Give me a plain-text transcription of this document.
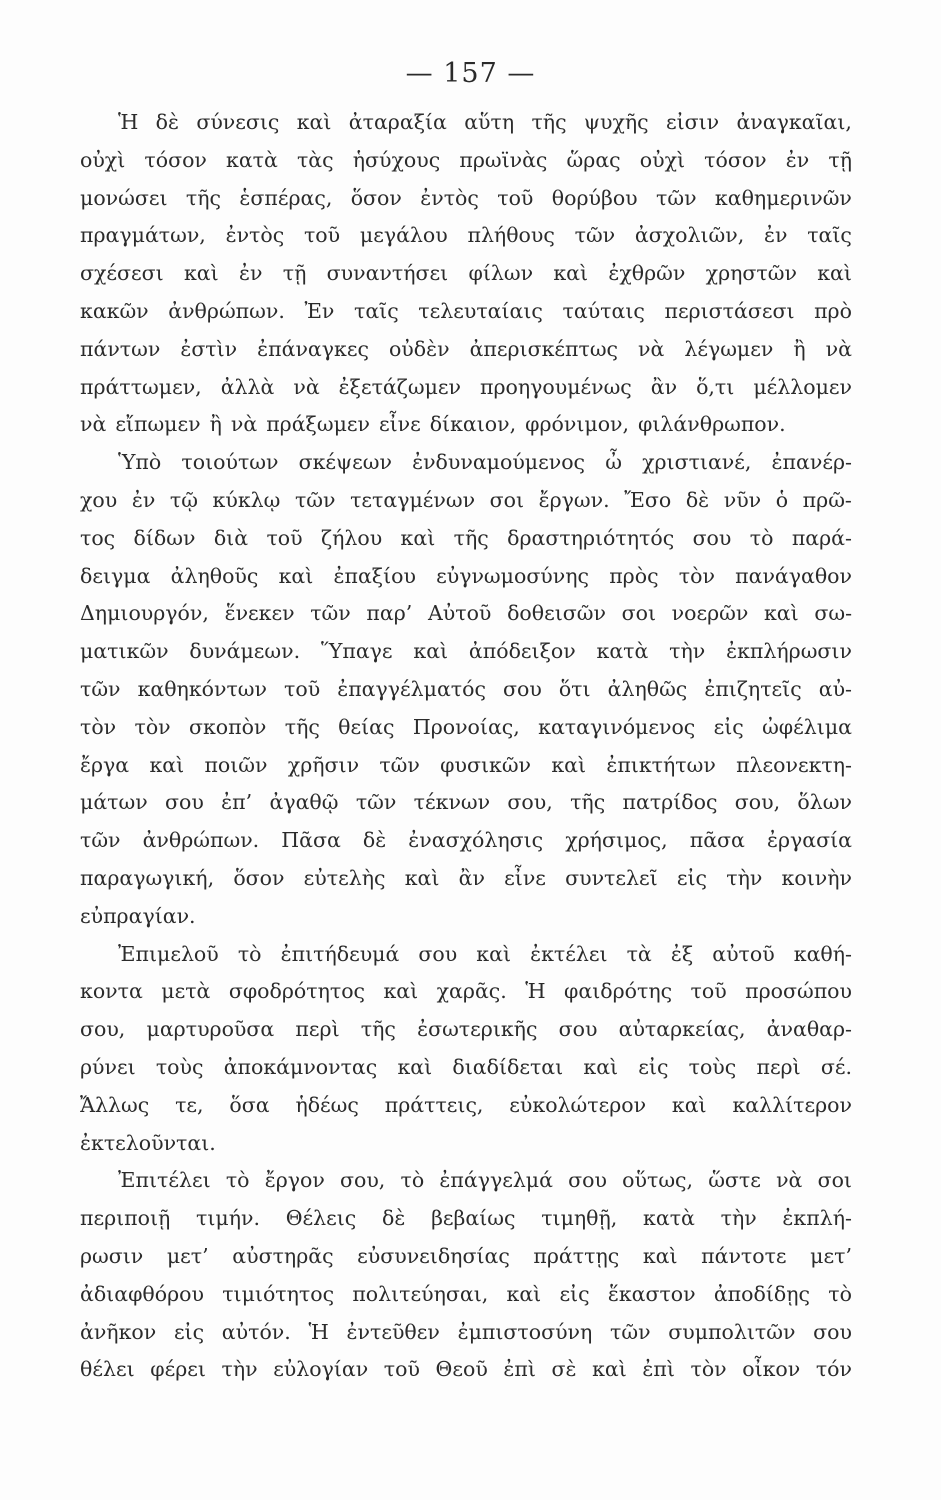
— 157 —
Ἡ δὲ σύνεσις καὶ ἀταραξία αὕτη τῆς ψυχῆς εἰσιν ἀναγκαῖαι,
οὐχὶ τόσον κατὰ τὰς ἡσύχους πρωϊνὰς ὥρας οὐχὶ τόσον ἐν τῇ
μονώσει τῆς ἑσπέρας, ὅσον ἐντὸς τοῦ θορύβου τῶν καθημερινῶν
πραγμάτων, ἐντὸς τοῦ μεγάλου πλήθους τῶν ἀσχολιῶν, ἐν ταῖς
σχέσεσι καὶ ἐν τῇ συναντήσει φίλων καὶ ἐχθρῶν χρηστῶν καὶ
κακῶν ἀνθρώπων. Ἐν ταῖς τελευταίαις ταύταις περιστάσεσι πρὸ
πάντων ἐστὶν ἐπάναγκες οὐδὲν ἀπερισκέπτως νὰ λέγωμεν ἢ νὰ
πράττωμεν, ἀλλὰ νὰ ἐξετάζωμεν προηγουμένως ἂν ὅ,τι μέλλομεν
νὰ εἴπωμεν ἢ νὰ πράξωμεν εἶνε δίκαιον, φρόνιμον, φιλάνθρωπον.
Ὑπὸ τοιούτων σκέψεων ἐνδυναμούμενος ὦ χριστιανέ, ἐπανέρ-
χου ἐν τῷ κύκλῳ τῶν τεταγμένων σοι ἔργων. Ἔσο δὲ νῦν ὁ πρῶ-
τος δίδων διὰ τοῦ ζήλου καὶ τῆς δραστηριότητός σου τὸ παρά-
δειγμα ἀληθοῦς καὶ ἐπαξίου εὐγνωμοσύνης πρὸς τὸν πανάγαθον
Δημιουργόν, ἕνεκεν τῶν παρ’ Αὐτοῦ δοθεισῶν σοι νοερῶν καὶ σω-
ματικῶν δυνάμεων. Ὕπαγε καὶ ἀπόδειξον κατὰ τὴν ἐκπλήρωσιν
τῶν καθηκόντων τοῦ ἐπαγγέλματός σου ὅτι ἀληθῶς ἐπιζητεῖς αὐ-
τὸν τὸν σκοπὸν τῆς θείας Προνοίας, καταγινόμενος εἰς ὠφέλιμα
ἔργα καὶ ποιῶν χρῆσιν τῶν φυσικῶν καὶ ἐπικτήτων πλεονεκτη-
μάτων σου ἐπ’ ἀγαθῷ τῶν τέκνων σου, τῆς πατρίδος σου, ὅλων
τῶν ἀνθρώπων. Πᾶσα δὲ ἐνασχόλησις χρήσιμος, πᾶσα ἐργασία
παραγωγική, ὅσον εὐτελὴς καὶ ἂν εἶνε συντελεῖ εἰς τὴν κοινὴν
εὐπραγίαν.
Ἐπιμελοῦ τὸ ἐπιτήδευμά σου καὶ ἐκτέλει τὰ ἐξ αὐτοῦ καθή-
κοντα μετὰ σφοδρότητος καὶ χαρᾶς. Ἡ φαιδρότης τοῦ προσώπου
σου, μαρτυροῦσα περὶ τῆς ἐσωτερικῆς σου αὐταρκείας, ἀναθαρ-
ρύνει τοὺς ἀποκάμνοντας καὶ διαδίδεται καὶ εἰς τοὺς περὶ σέ.
Ἄλλως τε, ὅσα ἡδέως πράττεις, εὐκολώτερον καὶ καλλίτερον
ἐκτελοῦνται.
Ἐπιτέλει τὸ ἔργον σου, τὸ ἐπάγγελμά σου οὕτως, ὥστε νὰ σοι
περιποιῇ τιμήν. Θέλεις δὲ βεβαίως τιμηθῇ, κατὰ τὴν ἐκπλή-
ρωσιν μετ’ αὐστηρᾶς εὐσυνειδησίας πράττῃς καὶ πάντοτε μετ’
ἀδιαφθόρου τιμιότητος πολιτεύησαι, καὶ εἰς ἕκαστον ἀποδίδῃς τὸ
ἀνῆκον εἰς αὐτόν. Ἡ ἐντεῦθεν ἐμπιστοσύνη τῶν συμπολιτῶν σου
θέλει φέρει τὴν εὐλογίαν τοῦ Θεοῦ ἐπὶ σὲ καὶ ἐπὶ τὸν οἶκον τόν
